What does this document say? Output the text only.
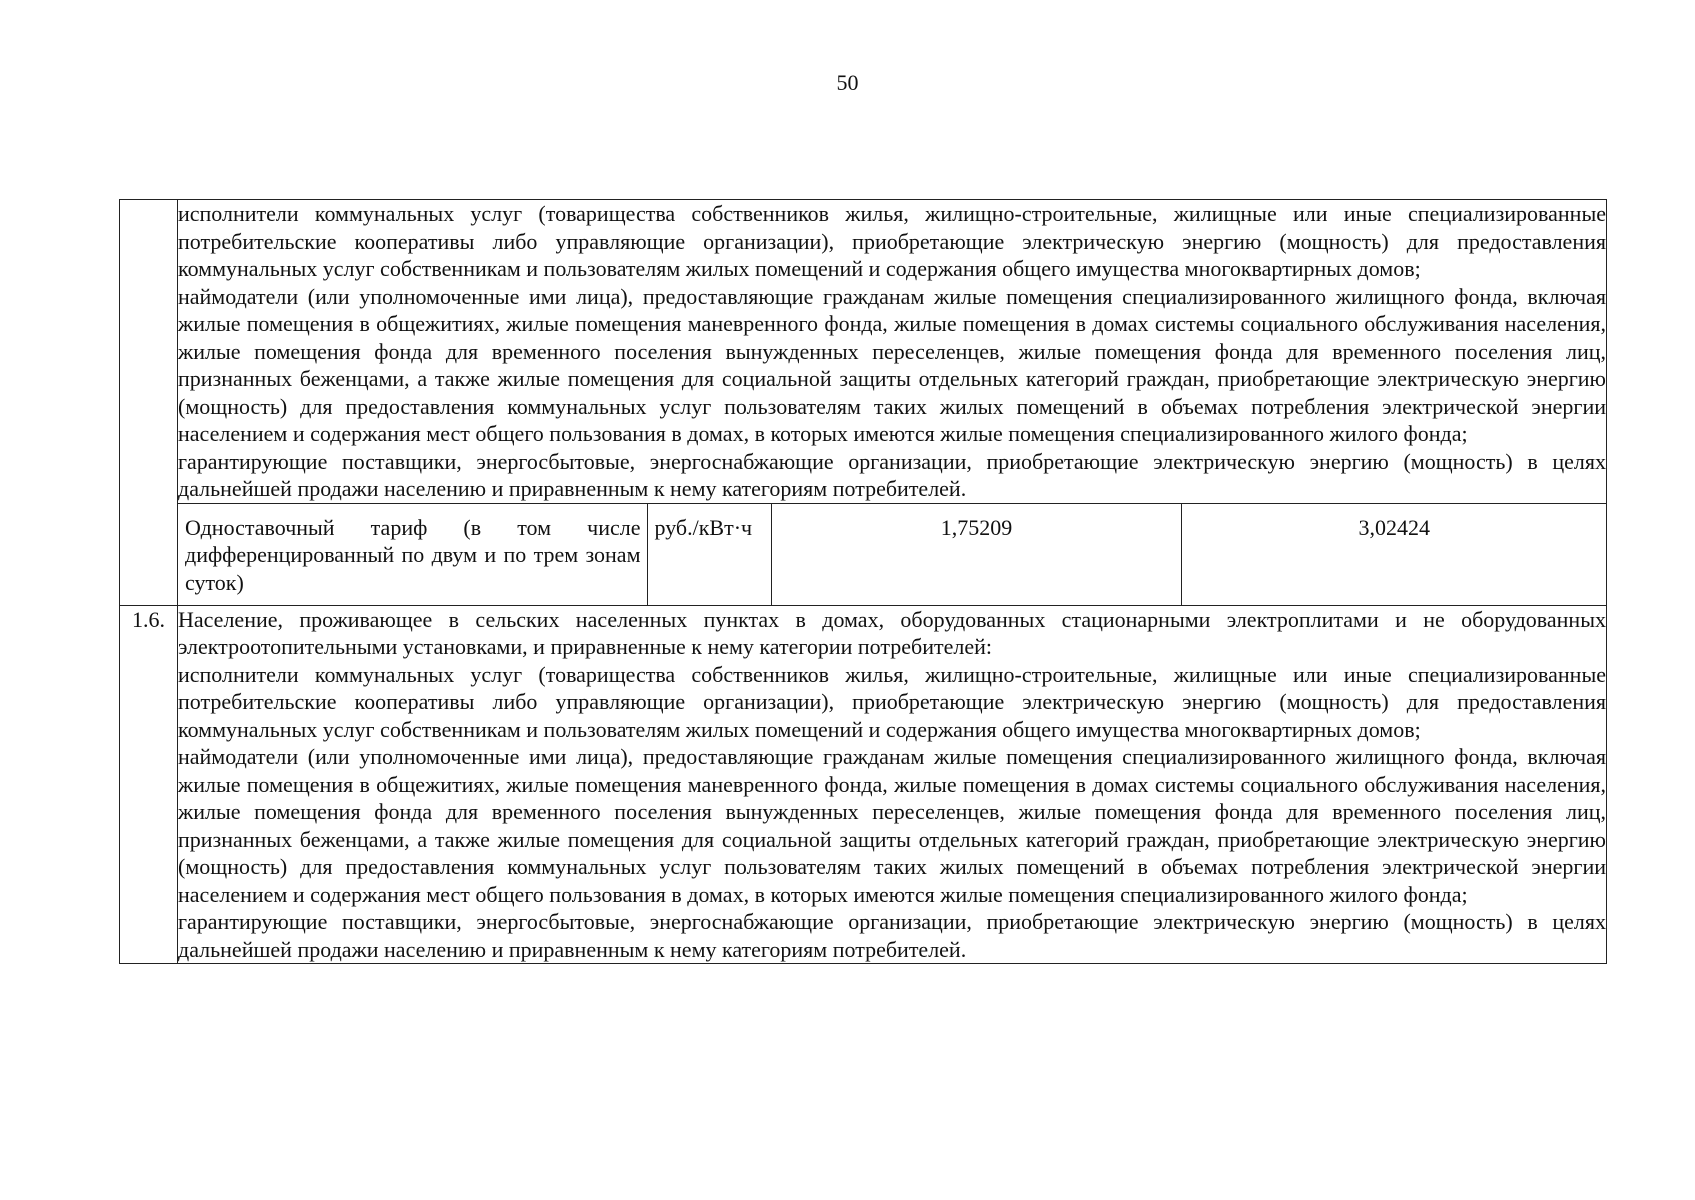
50

исполнители коммунальных услуг (товарищества собственников жилья, жилищно-строительные, жилищные или иные специализированные потребительские кооперативы либо управляющие организации), приобретающие электрическую энергию (мощность) для предоставления коммунальных услуг собственникам и пользователям жилых помещений и содержания общего имущества многоквартирных домов;

наймодатели (или уполномоченные ими лица), предоставляющие гражданам жилые помещения специализированного жилищного фонда, включая жилые помещения в общежитиях, жилые помещения маневренного фонда, жилые помещения в домах системы социального обслуживания населения, жилые помещения фонда для временного поселения вынужденных переселенцев, жилые помещения фонда для временного поселения лиц, признанных беженцами, а также жилые помещения для социальной защиты отдельных категорий граждан, приобретающие электрическую энергию (мощность) для предоставления коммунальных услуг пользователям таких жилых помещений в объемах потребления электрической энергии населением и содержания мест общего пользования в домах, в которых имеются жилые помещения специализированного жилого фонда;

гарантирующие поставщики, энергосбытовые, энергоснабжающие организации, приобретающие электрическую энергию (мощность) в целях дальнейшей продажи населению и приравненным к нему категориям потребителей.

Одноставочный тариф (в том числе дифференцированный по двум и по трем зонам суток)	руб./кВт·ч	1,75209	3,02424

1.6.	Население, проживающее в сельских населенных пунктах в домах, оборудованных стационарными электроплитами и не оборудованных электроотопительными установками, и приравненные к нему категории потребителей:

исполнители коммунальных услуг (товарищества собственников жилья, жилищно-строительные, жилищные или иные специализированные потребительские кооперативы либо управляющие организации), приобретающие электрическую энергию (мощность) для предоставления коммунальных услуг собственникам и пользователям жилых помещений и содержания общего имущества многоквартирных домов;

наймодатели (или уполномоченные ими лица), предоставляющие гражданам жилые помещения специализированного жилищного фонда, включая жилые помещения в общежитиях, жилые помещения маневренного фонда, жилые помещения в домах системы социального обслуживания населения, жилые помещения фонда для временного поселения вынужденных переселенцев, жилые помещения фонда для временного поселения лиц, признанных беженцами, а также жилые помещения для социальной защиты отдельных категорий граждан, приобретающие электрическую энергию (мощность) для предоставления коммунальных услуг пользователям таких жилых помещений в объемах потребления электрической энергии населением и содержания мест общего пользования в домах, в которых имеются жилые помещения специализированного жилого фонда;

гарантирующие поставщики, энергосбытовые, энергоснабжающие организации, приобретающие электрическую энергию (мощность) в целях дальнейшей продажи населению и приравненным к нему категориям потребителей.
